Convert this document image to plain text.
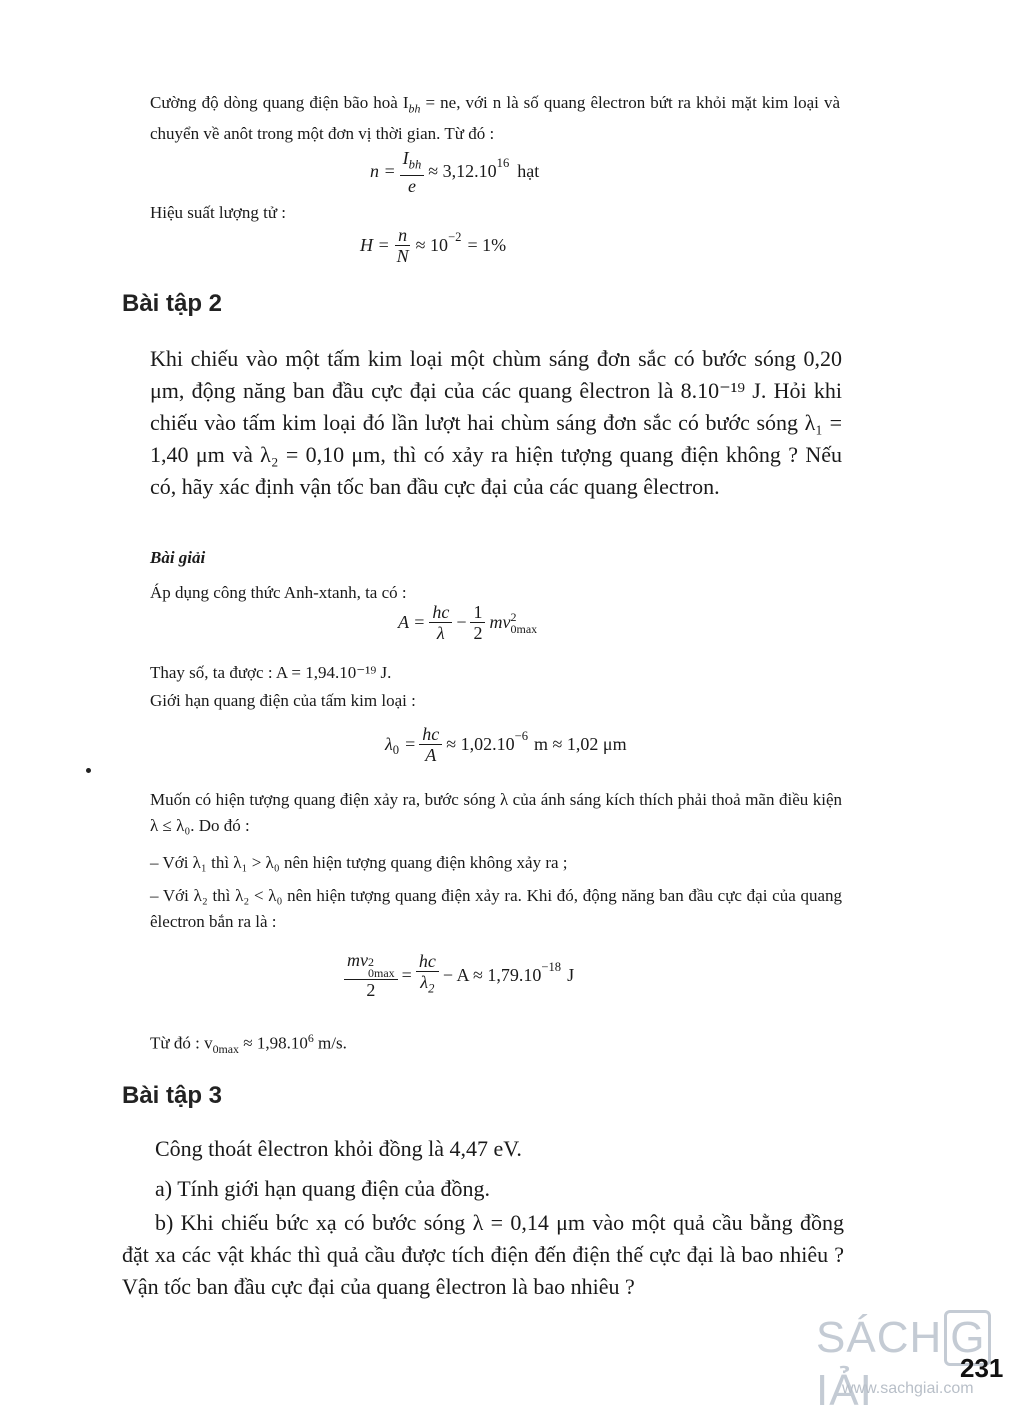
Cường độ dòng quang điện bão hoà $I_{bh}$ = ne, với n là số quang êlectron bứt ra khỏi mặt kim loại và chuyển về anôt trong một đơn vị thời gian. Từ đó :
$n = \frac{I_{bh}}{e} \approx 3,12.10^{16}$ hạt
Hiệu suất lượng tử :
$H = \frac{n}{N} \approx 10^{-2} = 1\%$
Bài tập 2
Khi chiếu vào một tấm kim loại một chùm sáng đơn sắc có bước sóng 0,20 μm, động năng ban đầu cực đại của các quang êlectron là 8.10⁻¹⁹ J. Hỏi khi chiếu vào tấm kim loại đó lần lượt hai chùm sáng đơn sắc có bước sóng λ₁ = 1,40 μm và λ₂ = 0,10 μm, thì có xảy ra hiện tượng quang điện không ? Nếu có, hãy xác định vận tốc ban đầu cực đại của các quang êlectron.
Bài giải
Áp dụng công thức Anh-xtanh, ta có :
$A = \frac{hc}{\lambda} - \frac{1}{2}$ mv 2
0max
Thay số, ta được : A = 1,94.10⁻¹⁹ J.
Giới hạn quang điện của tấm kim loại :
$\lambda_0 = \frac{hc}{A} \approx 1,02.10^{-6}$ m ≈ 1,02 μm
Muốn có hiện tượng quang điện xảy ra, bước sóng λ của ánh sáng kích thích phải thoả mãn điều kiện λ ≤ λ₀. Do đó :
– Với λ₁ thì λ₁ > λ₀ nên hiện tượng quang điện không xảy ra ;
– Với λ₂ thì λ₂ < λ₀ nên hiện tượng quang điện xảy ra. Khi đó, động năng ban đầu cực đại của quang êlectron bắn ra là :
mv 2
0max
$2 = \frac{hc}{\lambda_2} - A \approx 1,79.10^{-18}$ J
Từ đó : $v_{0max} \approx 1,98.10^6$ m/s.
Bài tập 3
Công thoát êlectron khỏi đồng là 4,47 eV.
a) Tính giới hạn quang điện của đồng.
b) Khi chiếu bức xạ có bước sóng λ = 0,14 μm vào một quả cầu bằng đồng đặt xa các vật khác thì quả cầu được tích điện đến điện thế cực đại là bao nhiêu ? Vận tốc ban đầu cực đại của quang êlectron là bao nhiêu ?
SÁCH GIẢI	231
www.sachgiai.com
